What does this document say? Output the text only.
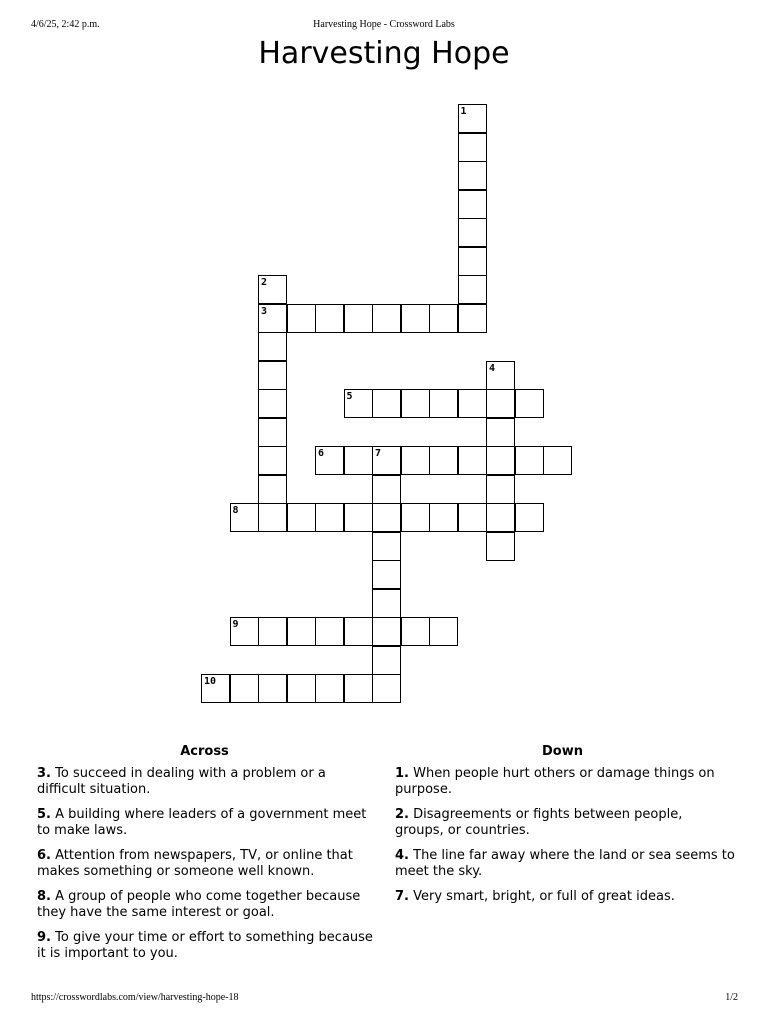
4/6/25, 2:42 p.m.	Harvesting Hope - Crossword Labs
Harvesting Hope
1
2
3
4
5
6	7
8
9
10
Across	Down
3. To succeed in dealing with a problem or a difficult situation.
5. A building where leaders of a government meet to make laws.
6. Attention from newspapers, TV, or online that makes something or someone well known.
8. A group of people who come together because they have the same interest or goal.
9. To give your time or effort to something because it is important to you.
1. When people hurt others or damage things on purpose.
2. Disagreements or fights between people, groups, or countries.
4. The line far away where the land or sea seems to meet the sky.
7. Very smart, bright, or full of great ideas.
https://crosswordlabs.com/view/harvesting-hope-18	1/2
